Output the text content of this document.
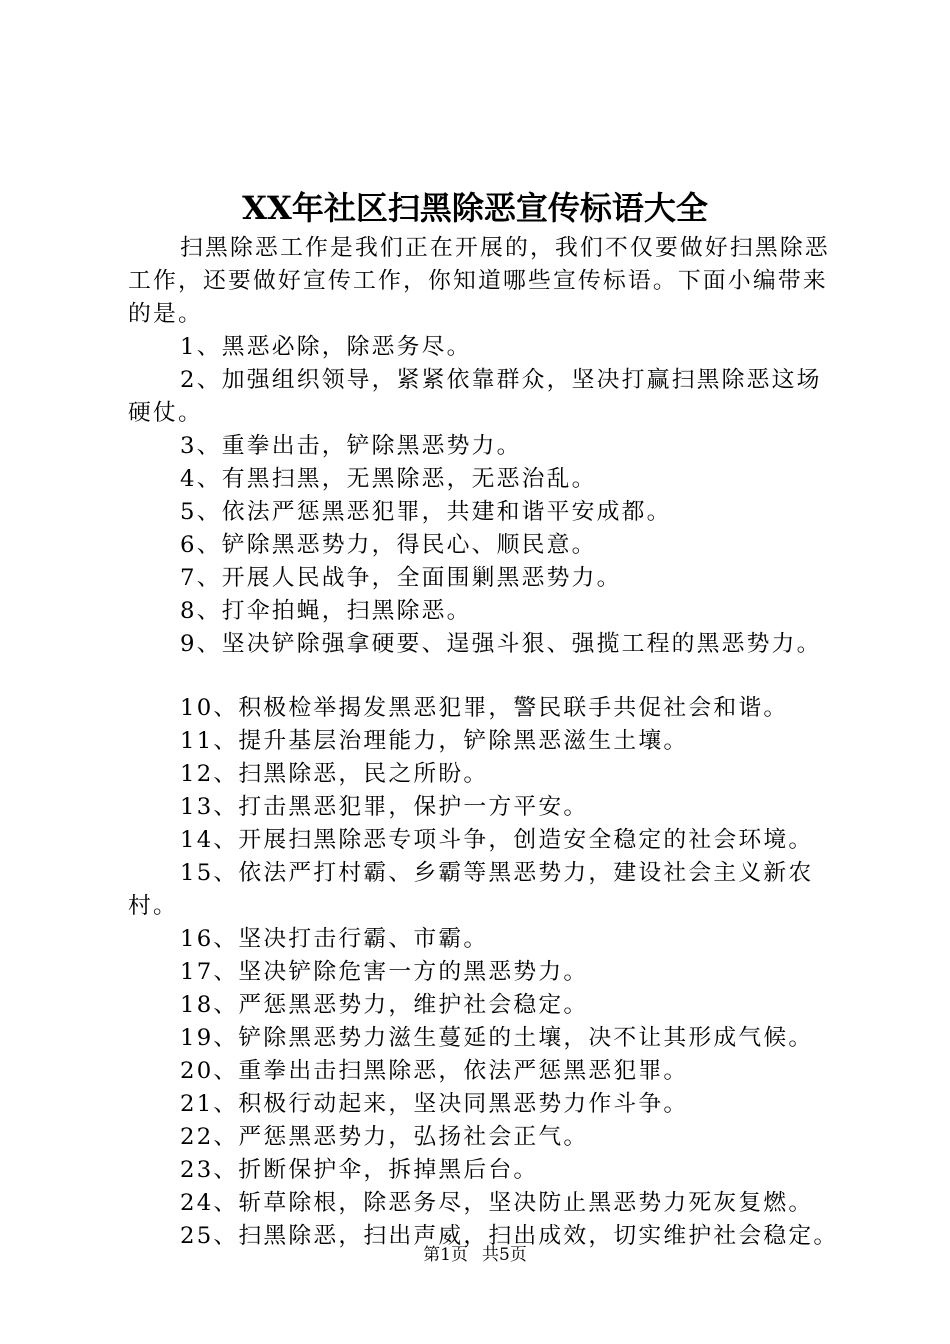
XX年社区扫黑除恶宣传标语大全

扫黑除恶工作是我们正在开展的，我们不仅要做好扫黑除恶工作，还要做好宣传工作，你知道哪些宣传标语。下面小编带来的是。

1、黑恶必除，除恶务尽。

2、加强组织领导，紧紧依靠群众，坚决打赢扫黑除恶这场硬仗。

3、重拳出击，铲除黑恶势力。

4、有黑扫黑，无黑除恶，无恶治乱。

5、依法严惩黑恶犯罪，共建和谐平安成都。

6、铲除黑恶势力，得民心、顺民意。

7、开展人民战争，全面围剿黑恶势力。

8、打伞拍蝇，扫黑除恶。

9、坚决铲除强拿硬要、逞强斗狠、强揽工程的黑恶势力。

10、积极检举揭发黑恶犯罪，警民联手共促社会和谐。

11、提升基层治理能力，铲除黑恶滋生土壤。

12、扫黑除恶，民之所盼。

13、打击黑恶犯罪，保护一方平安。

14、开展扫黑除恶专项斗争，创造安全稳定的社会环境。

15、依法严打村霸、乡霸等黑恶势力，建设社会主义新农村。

16、坚决打击行霸、市霸。

17、坚决铲除危害一方的黑恶势力。

18、严惩黑恶势力，维护社会稳定。

19、铲除黑恶势力滋生蔓延的土壤，决不让其形成气候。

20、重拳出击扫黑除恶，依法严惩黑恶犯罪。

21、积极行动起来，坚决同黑恶势力作斗争。

22、严惩黑恶势力，弘扬社会正气。

23、折断保护伞，拆掉黑后台。

24、斩草除根，除恶务尽，坚决防止黑恶势力死灰复燃。

25、扫黑除恶，扫出声威，扫出成效，切实维护社会稳定。

第1页 共5页
